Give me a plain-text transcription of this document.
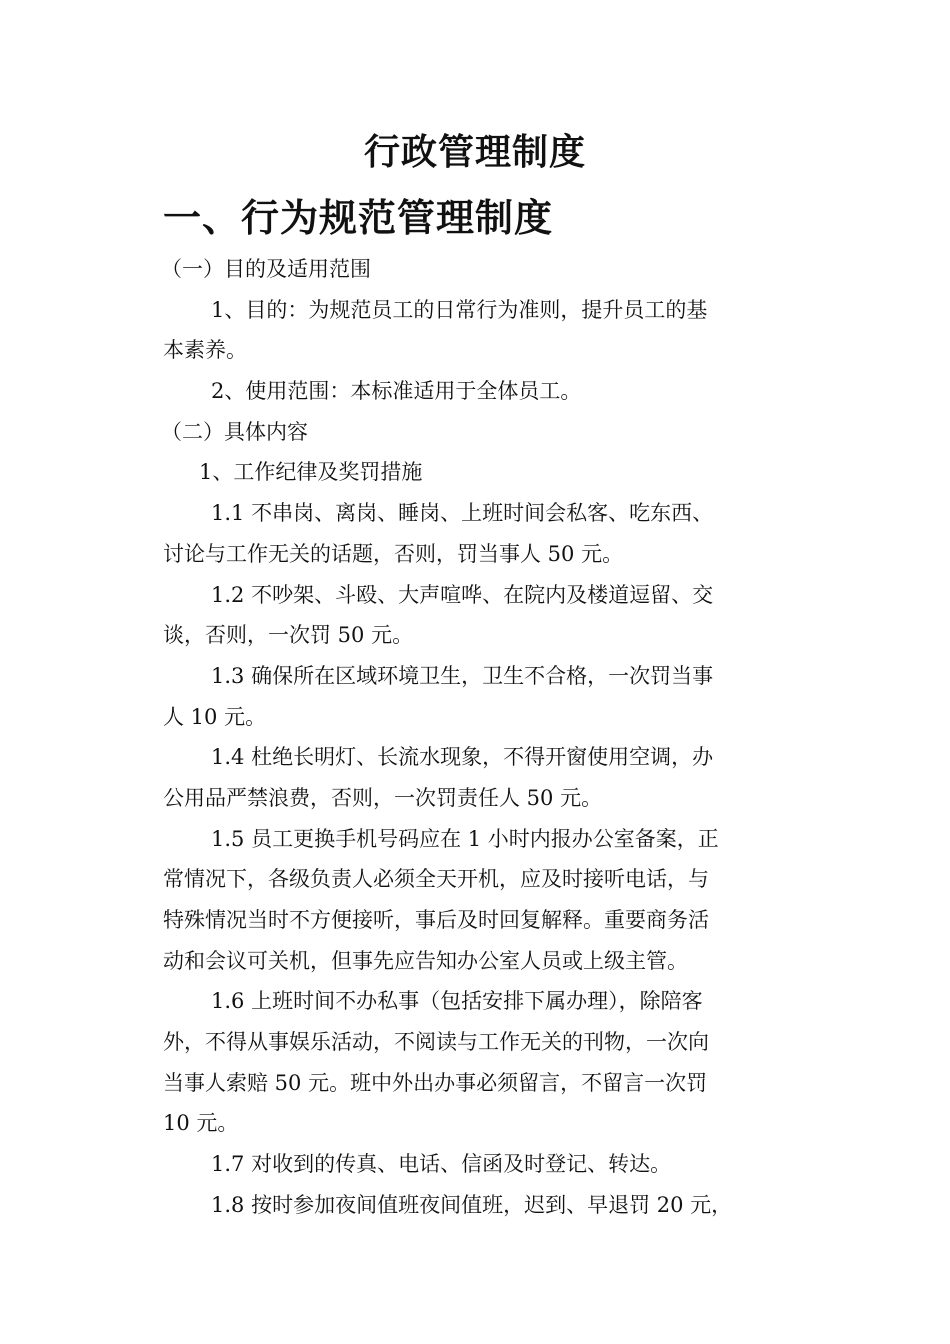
行政管理制度
一、行为规范管理制度
（一）目的及适用范围
1、目的：为规范员工的日常行为准则，提升员工的基
本素养。
2、使用范围：本标准适用于全体员工。
（二）具体内容
1、工作纪律及奖罚措施
1.1 不串岗、离岗、睡岗、上班时间会私客、吃东西、
讨论与工作无关的话题，否则，罚当事人 50 元。
1.2 不吵架、斗殴、大声喧哗、在院内及楼道逗留、交
谈，否则，一次罚 50 元。
1.3 确保所在区域环境卫生，卫生不合格，一次罚当事
人 10 元。
1.4 杜绝长明灯、长流水现象，不得开窗使用空调，办
公用品严禁浪费，否则，一次罚责任人 50 元。
1.5 员工更换手机号码应在 1 小时内报办公室备案，正
常情况下，各级负责人必须全天开机，应及时接听电话，与
特殊情况当时不方便接听，事后及时回复解释。重要商务活
动和会议可关机，但事先应告知办公室人员或上级主管。
1.6 上班时间不办私事（包括安排下属办理），除陪客
外，不得从事娱乐活动，不阅读与工作无关的刊物，一次向
当事人索赔 50 元。班中外出办事必须留言，不留言一次罚
10 元。
1.7 对收到的传真、电话、信函及时登记、转达。
1.8 按时参加夜间值班夜间值班，迟到、早退罚 20 元，
